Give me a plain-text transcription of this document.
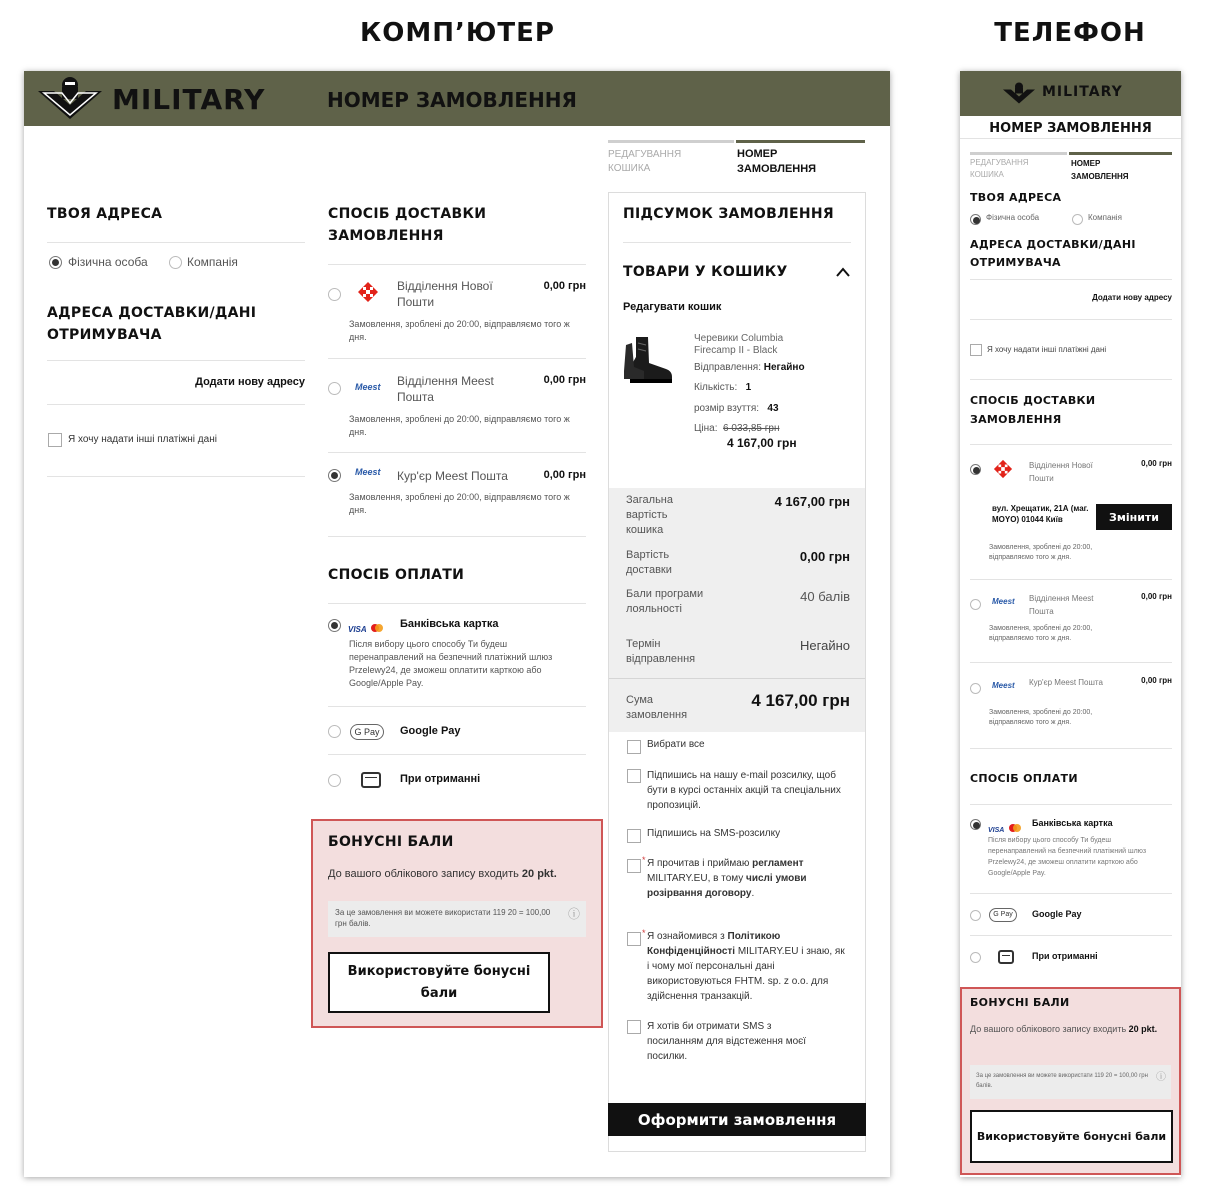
КОМП’ЮТЕР	ТЕЛЕФОН
MILITARY	НОМЕР ЗАМОВЛЕННЯ
РЕДАГУВАННЯ КОШИКА
НОМЕР ЗАМОВЛЕННЯ
ТВОЯ АДРЕСА
Фізична особа	Компанія
АДРЕСА ДОСТАВКИ/ДАНІ ОТРИМУВАЧА
Додати нову адресу
Я хочу надати інші платіжні дані
СПОСІБ ДОСТАВКИ ЗАМОВЛЕННЯ
Відділення Нової Пошти
0,00 грн
Замовлення, зроблені до 20:00, відправляємо того ж дня.
Meest Відділення Meest Пошта
0,00 грн
Замовлення, зроблені до 20:00, відправляємо того ж дня.
Meest Кур'єр Meest Пошта	0,00 грн
Замовлення, зроблені до 20:00, відправляємо того ж дня.
СПОСІБ ОПЛАТИ
VISA	Банківська картка
Після вибору цього способу Ти будеш перенаправлений на безпечний платіжний шлюз Przelewy24, де зможеш оплатити карткою або Google/Apple Pay.
G Pay	Google Pay
При отриманні
БОНУСНІ БАЛИ
До вашого облікового запису входить 20 pkt.
За це замовлення ви можете використати 119 20 = 100,00 грн балів.
ⓘ
Використовуйте бонусні бали
ПІДСУМОК ЗАМОВЛЕННЯ
ТОВАРИ У КОШИКУ
Редагувати кошик
Черевики Columbia Firecamp II - Black
Відправлення: Негайно
Кількість: 1
розмір взуття: 43
Ціна: 6 033,85 грн
4 167,00 грн
Загальна вартість кошика
4 167,00 грн
Вартість доставки
0,00 грн
Бали програми лояльності
40 балів
Термін відправлення
Негайно
Сума замовлення
4 167,00 грн
Вибрати все
Підпишись на нашу e-mail розсилку, щоб бути в курсі останніх акцій та спеціальних пропозицій.
Підпишись на SMS-розсилку
* Я прочитав і приймаю регламент MILITARY.EU, в тому числі умови розірвання договору.
* Я ознайомився з Політикою Конфіденційності MILITARY.EU і знаю, як і чому мої персональні дані використовуються FHTM. sp. z o.o. для здійснення транзакцій.
Я хотів би отримати SMS з посиланням для відстеження моєї посилки.
Оформити замовлення
MILITARY
НОМЕР ЗАМОВЛЕННЯ
РЕДАГУВАННЯ КОШИКА
НОМЕР ЗАМОВЛЕННЯ
ТВОЯ АДРЕСА
Фізична особа	Компанія
АДРЕСА ДОСТАВКИ/ДАНІ ОТРИМУВАЧА
Додати нову адресу
Я хочу надати інші платіжні дані
СПОСІБ ДОСТАВКИ ЗАМОВЛЕННЯ
Відділення Нової Пошти
0,00 грн
вул. Хрещатик, 21А (маг. MOYO) 01044 Київ	Змінити
Замовлення, зроблені до 20:00, відправляємо того ж дня.
Meest Відділення Meest Пошта
0,00 грн
Замовлення, зроблені до 20:00, відправляємо того ж дня.
Meest Кур'єр Meest Пошта	0,00 грн
Замовлення, зроблені до 20:00, відправляємо того ж дня.
СПОСІБ ОПЛАТИ
VISA
Банківська картка
Після вибору цього способу Ти будеш перенаправлений на безпечний платіжний шлюз Przelewy24, де зможеш оплатити карткою або Google/Apple Pay.
G Pay	Google Pay
При отриманні
БОНУСНІ БАЛИ
До вашого облікового запису входить 20 pkt.
За це замовлення ви можете використати 119 20 = 100,00 грн балів.
ⓘ
Використовуйте бонусні бали
